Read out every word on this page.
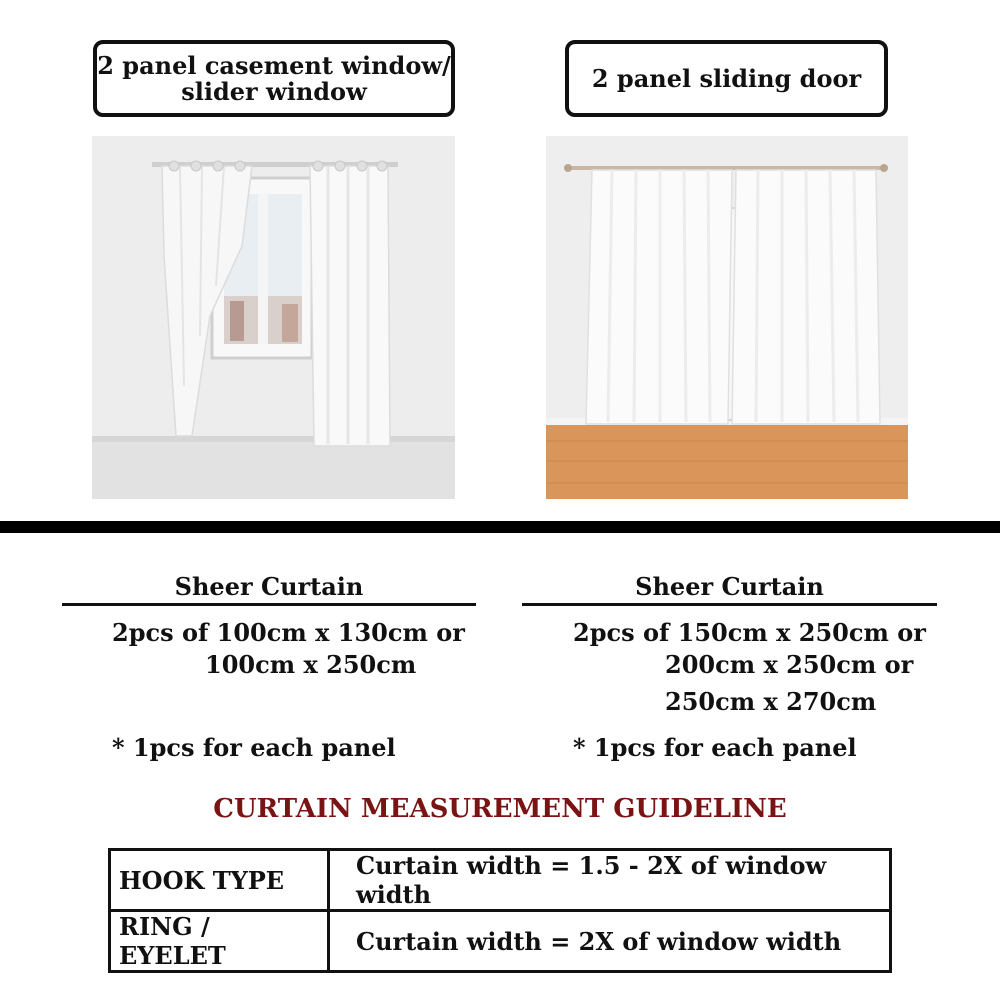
2 panel casement window/
slider window	2 panel sliding door
Sheer Curtain
2pcs of 100cm x 130cm or
100cm x 250cm
* 1pcs for each panel
Sheer Curtain
2pcs of 150cm x 250cm or
200cm x 250cm or
250cm x 270cm
* 1pcs for each panel
CURTAIN MEASUREMENT GUIDELINE
HOOK TYPE	Curtain width = 1.5 - 2X of window width
RING / EYELET	Curtain width = 2X of window width
